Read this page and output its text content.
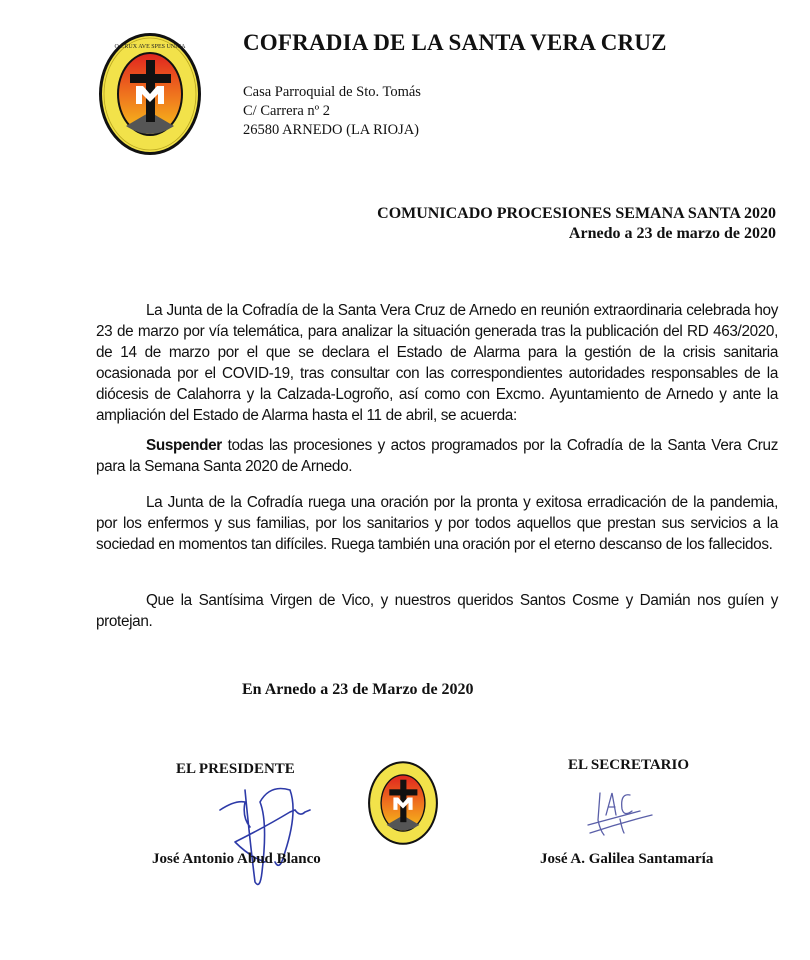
O CRUX AVE SPES UNICA	COFRADIA DE LA SANTA VERA CRUZ
Casa Parroquial de Sto. Tomás
C/ Carrera nº 2
26580 ARNEDO (LA RIOJA)
COMUNICADO PROCESIONES SEMANA SANTA 2020
Arnedo a 23 de marzo de 2020

La Junta de la Cofradía de la Santa Vera Cruz de Arnedo en reunión extraordinaria celebrada hoy 23 de marzo por vía telemática, para analizar la situación generada tras la publicación del RD 463/2020, de 14 de marzo por el que se declara el Estado de Alarma para la gestión de la crisis sanitaria ocasionada por el COVID-19, tras consultar con las correspondientes autoridades responsables de la diócesis de Calahorra y la Calzada-Logroño, así como con Excmo. Ayuntamiento de Arnedo y ante la ampliación del Estado de Alarma hasta el 11 de abril, se acuerda:

Suspender todas las procesiones y actos programados por la Cofradía de la Santa Vera Cruz para la Semana Santa 2020 de Arnedo.

La Junta de la Cofradía ruega una oración por la pronta y exitosa erradicación de la pandemia, por los enfermos y sus familias, por los sanitarios y por todos aquellos que prestan sus servicios a la sociedad en momentos tan difíciles. Ruega también una oración por el eterno descanso de los fallecidos.

Que la Santísima Virgen de Vico, y nuestros queridos Santos Cosme y Damián nos guíen y protejan.

En Arnedo a 23 de Marzo de 2020
EL PRESIDENTE
José Antonio Abud Blanco
EL SECRETARIO
José A. Galilea Santamaría
